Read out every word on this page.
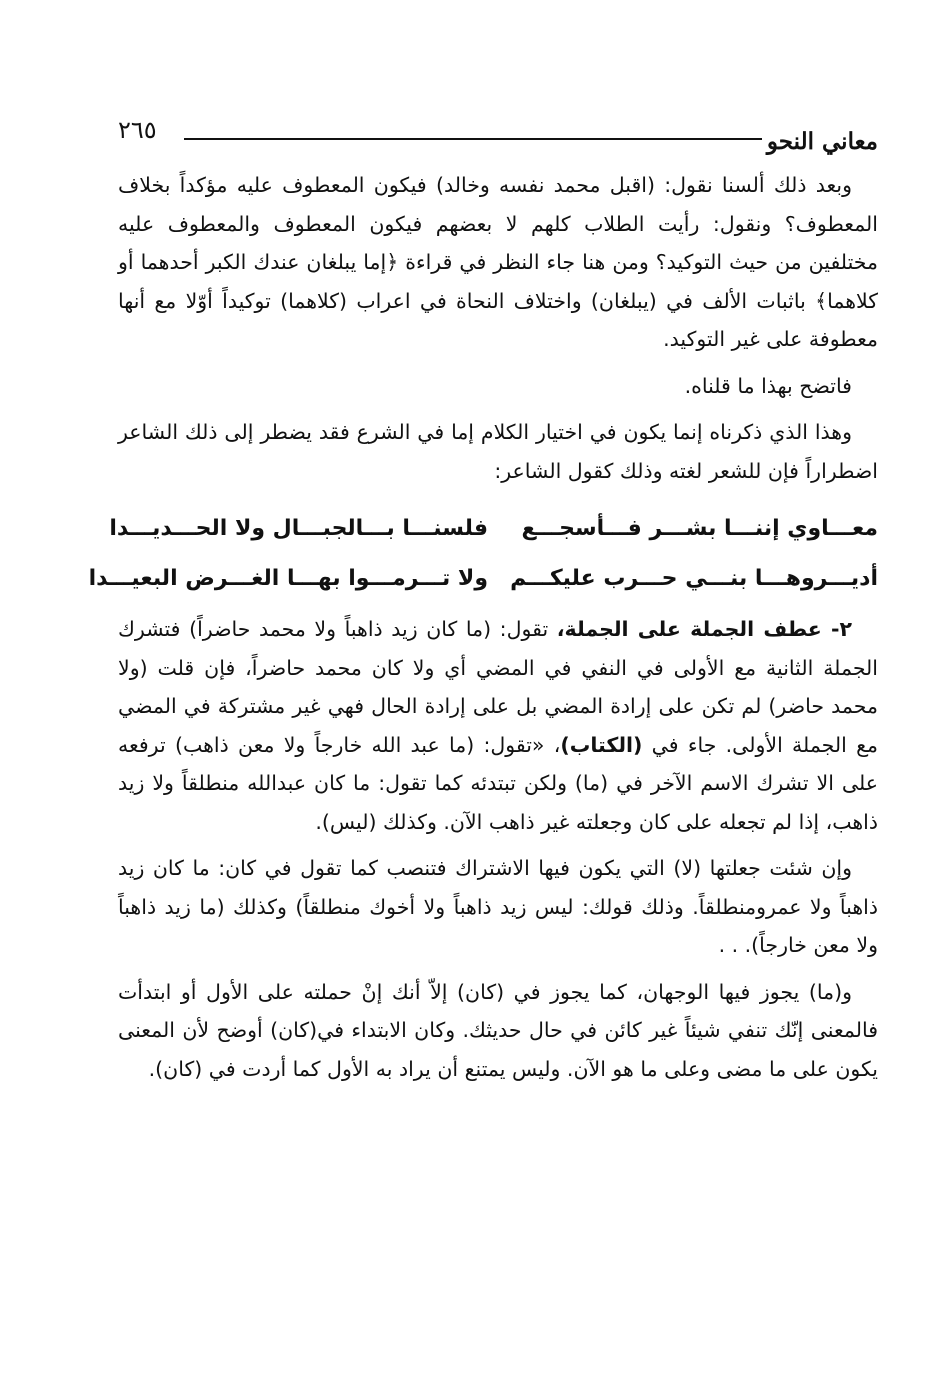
معاني النحو
٢٦٥

وبعد ذلك ألسنا نقول: (اقبل محمد نفسه وخالد) فيكون المعطوف عليه مؤكداً بخلاف المعطوف؟ ونقول: رأيت الطلاب كلهم لا بعضهم فيكون المعطوف والمعطوف عليه مختلفين من حيث التوكيد؟ ومن هنا جاء النظر في قراءة ﴿إما يبلغان عندك الكبر أحدهما أو كلاهما﴾ باثبات الألف في (يبلغان) واختلاف النحاة في اعراب (كلاهما) توكيداً أوّلا مع أنها معطوفة على غير التوكيد.

فاتضح بهذا ما قلناه.

وهذا الذي ذكرناه إنما يكون في اختيار الكلام إما في الشرع فقد يضطر إلى ذلك الشاعر اضطراراً فإن للشعر لغته وذلك كقول الشاعر:

معـــاوي إننـــا بشـــر فـــأسجـــع
فلسنـــا بـــالجبـــال ولا الحـــديـــدا
أديـــروهـــا بنـــي حـــرب عليكـــم
ولا تـــرمـــوا بهـــا الغـــرض البعيـــدا

٢- عطف الجملة على الجملة، تقول: (ما كان زيد ذاهباً ولا محمد حاضراً) فتشرك الجملة الثانية مع الأولى في النفي في المضي أي ولا كان محمد حاضراً، فإن قلت (ولا محمد حاضر) لم تكن على إرادة المضي بل على إرادة الحال فهي غير مشتركة في المضي مع الجملة الأولى. جاء في (الكتاب)، «تقول: (ما عبد الله خارجاً ولا معن ذاهب) ترفعه على الا تشرك الاسم الآخر في (ما) ولكن تبتدئه كما تقول: ما كان عبدالله منطلقاً ولا زيد ذاهب، إذا لم تجعله على كان وجعلته غير ذاهب الآن. وكذلك (ليس).

وإن شئت جعلتها (لا) التي يكون فيها الاشتراك فتنصب كما تقول في كان: ما كان زيد ذاهباً ولا عمرومنطلقاً. وذلك قولك: ليس زيد ذاهباً ولا أخوك منطلقاً) وكذلك (ما زيد ذاهباً ولا معن خارجاً). . .

و(ما) يجوز فيها الوجهان، كما يجوز في (كان) إلاّ أنك إنْ حملته على الأول أو ابتدأت فالمعنى إنّك تنفي شيئاً غير كائن في حال حديثك. وكان الابتداء في(كان) أوضح لأن المعنى يكون على ما مضى وعلى ما هو الآن. وليس يمتنع أن يراد به الأول كما أردت في (كان).
